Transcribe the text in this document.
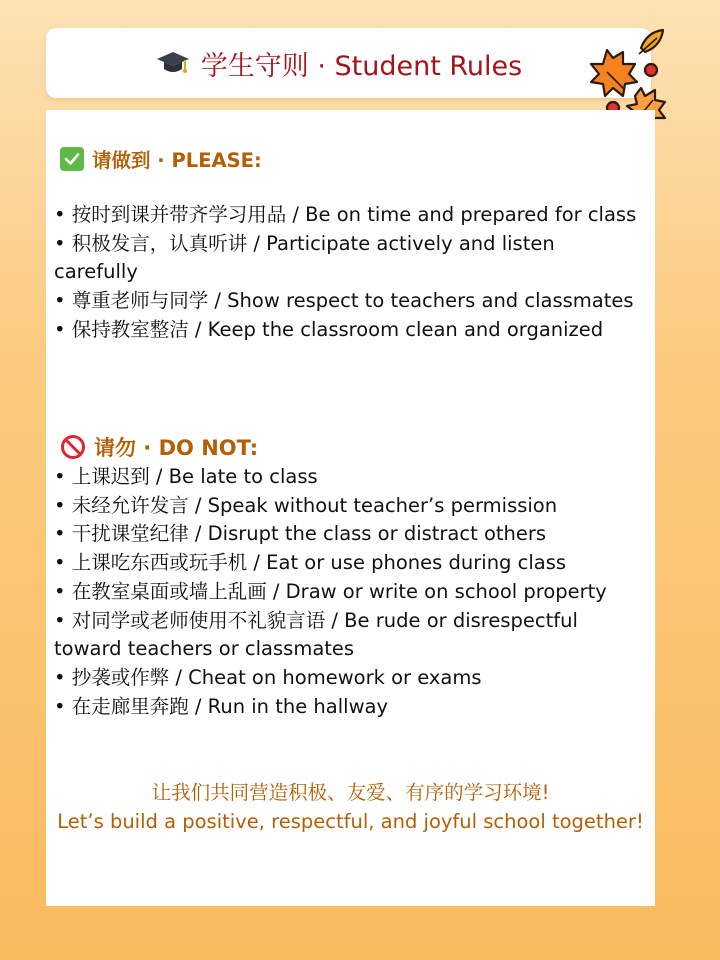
学生守则 · Student Rules
请做到 · PLEASE:
• 按时到课并带齐学习用品 / Be on time and prepared for class
• 积极发言，认真听讲 / Participate actively and listen carefully
• 尊重老师与同学 / Show respect to teachers and classmates
• 保持教室整洁 / Keep the classroom clean and organized
请勿 · DO NOT:
• 上课迟到 / Be late to class
• 未经允许发言 / Speak without teacher’s permission
• 干扰课堂纪律 / Disrupt the class or distract others
• 上课吃东西或玩手机 / Eat or use phones during class
• 在教室桌面或墙上乱画 / Draw or write on school property
• 对同学或老师使用不礼貌言语 / Be rude or disrespectful toward teachers or classmates
• 抄袭或作弊 / Cheat on homework or exams
• 在走廊里奔跑 / Run in the hallway
让我们共同营造积极、友爱、有序的学习环境!
Let’s build a positive, respectful, and joyful school together!
